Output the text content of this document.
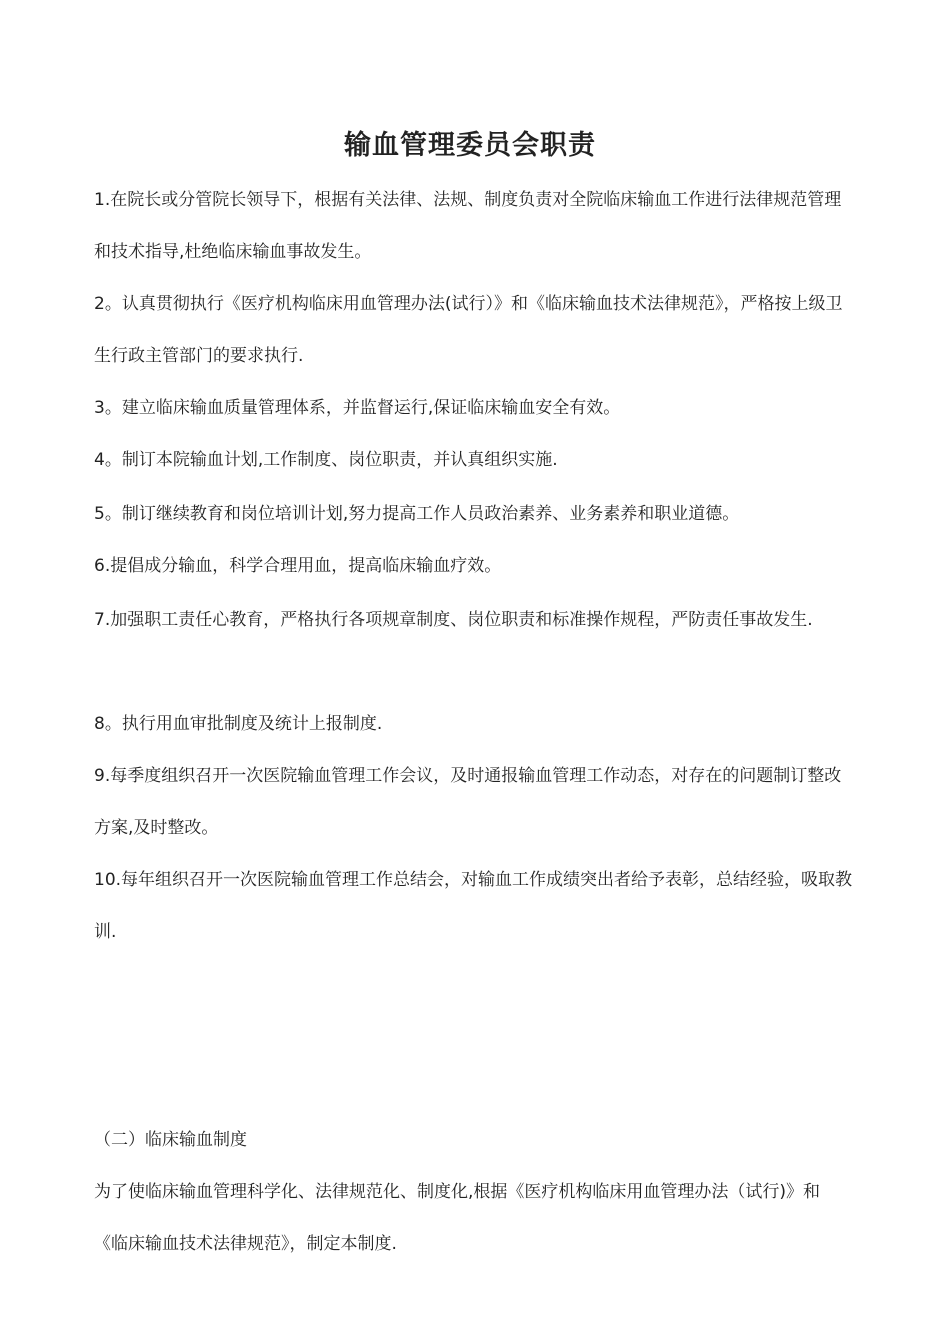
输血管理委员会职责

1.在院长或分管院长领导下，根据有关法律、法规、制度负责对全院临床输血工作进行法律规范管理和技术指导,杜绝临床输血事故发生。

2。认真贯彻执行《医疗机构临床用血管理办法(试行）》和《临床输血技术法律规范》，严格按上级卫生行政主管部门的要求执行.

3。建立临床输血质量管理体系，并监督运行,保证临床输血安全有效。

4。制订本院输血计划,工作制度、岗位职责，并认真组织实施.

5。制订继续教育和岗位培训计划,努力提高工作人员政治素养、业务素养和职业道德。

6.提倡成分输血，科学合理用血，提高临床输血疗效。

7.加强职工责任心教育，严格执行各项规章制度、岗位职责和标准操作规程，严防责任事故发生.

8。执行用血审批制度及统计上报制度.

9.每季度组织召开一次医院输血管理工作会议，及时通报输血管理工作动态，对存在的问题制订整改方案,及时整改。

10.每年组织召开一次医院输血管理工作总结会，对输血工作成绩突出者给予表彰，总结经验，吸取教训.

（二）临床输血制度

为了使临床输血管理科学化、法律规范化、制度化,根据《医疗机构临床用血管理办法（试行)》和《临床输血技术法律规范》，制定本制度.
